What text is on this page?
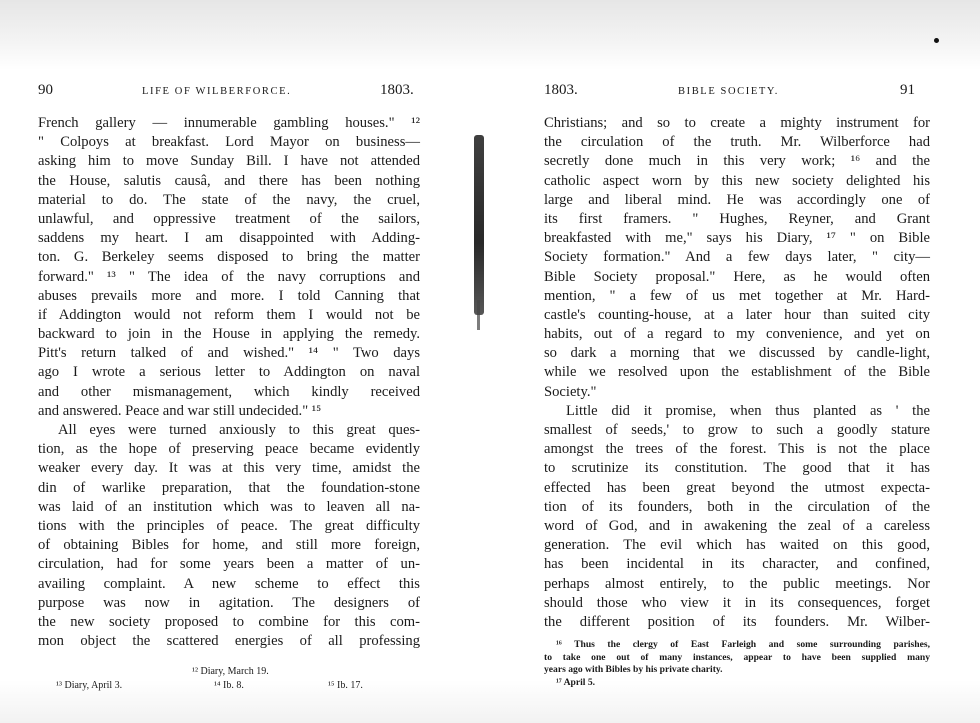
90	LIFE OF WILBERFORCE.	1803.
French gallery — innumerable gambling houses." ¹²
" Colpoys at breakfast. Lord Mayor on business—
asking him to move Sunday Bill. I have not attended
the House, salutis causâ, and there has been nothing
material to do. The state of the navy, the cruel,
unlawful, and oppressive treatment of the sailors,
saddens my heart. I am disappointed with Adding-
ton. G. Berkeley seems disposed to bring the matter
forward." ¹³ " The idea of the navy corruptions and
abuses prevails more and more. I told Canning that
if Addington would not reform them I would not be
backward to join in the House in applying the remedy.
Pitt's return talked of and wished." ¹⁴ " Two days
ago I wrote a serious letter to Addington on naval
and other mismanagement, which kindly received
and answered. Peace and war still undecided." ¹⁵
All eyes were turned anxiously to this great ques-
tion, as the hope of preserving peace became evidently
weaker every day. It was at this very time, amidst the
din of warlike preparation, that the foundation-stone
was laid of an institution which was to leaven all na-
tions with the principles of peace. The great difficulty
of obtaining Bibles for home, and still more foreign,
circulation, had for some years been a matter of un-
availing complaint. A new scheme to effect this
purpose was now in agitation. The designers of
the new society proposed to combine for this com-
mon object the scattered energies of all professing
¹² Diary, March 19.
¹³ Diary, April 3.	¹⁴ Ib. 8.	¹⁵ Ib. 17.
1803.	BIBLE SOCIETY.	91
Christians; and so to create a mighty instrument for
the circulation of the truth. Mr. Wilberforce had
secretly done much in this very work; ¹⁶ and the
catholic aspect worn by this new society delighted his
large and liberal mind. He was accordingly one of
its first framers. " Hughes, Reyner, and Grant
breakfasted with me," says his Diary, ¹⁷ " on Bible
Society formation." And a few days later, " city—
Bible Society proposal." Here, as he would often
mention, " a few of us met together at Mr. Hard-
castle's counting-house, at a later hour than suited city
habits, out of a regard to my convenience, and yet on
so dark a morning that we discussed by candle-light,
while we resolved upon the establishment of the Bible
Society."
Little did it promise, when thus planted as ' the
smallest of seeds,' to grow to such a goodly stature
amongst the trees of the forest. This is not the place
to scrutinize its constitution. The good that it has
effected has been great beyond the utmost expecta-
tion of its founders, both in the circulation of the
word of God, and in awakening the zeal of a careless
generation. The evil which has waited on this good,
has been incidental in its character, and confined,
perhaps almost entirely, to the public meetings. Nor
should those who view it in its consequences, forget
the different position of its founders. Mr. Wilber-
¹⁶ Thus the clergy of East Farleigh and some surrounding parishes,
to take one out of many instances, appear to have been supplied many
years ago with Bibles by his private charity.
¹⁷ April 5.
